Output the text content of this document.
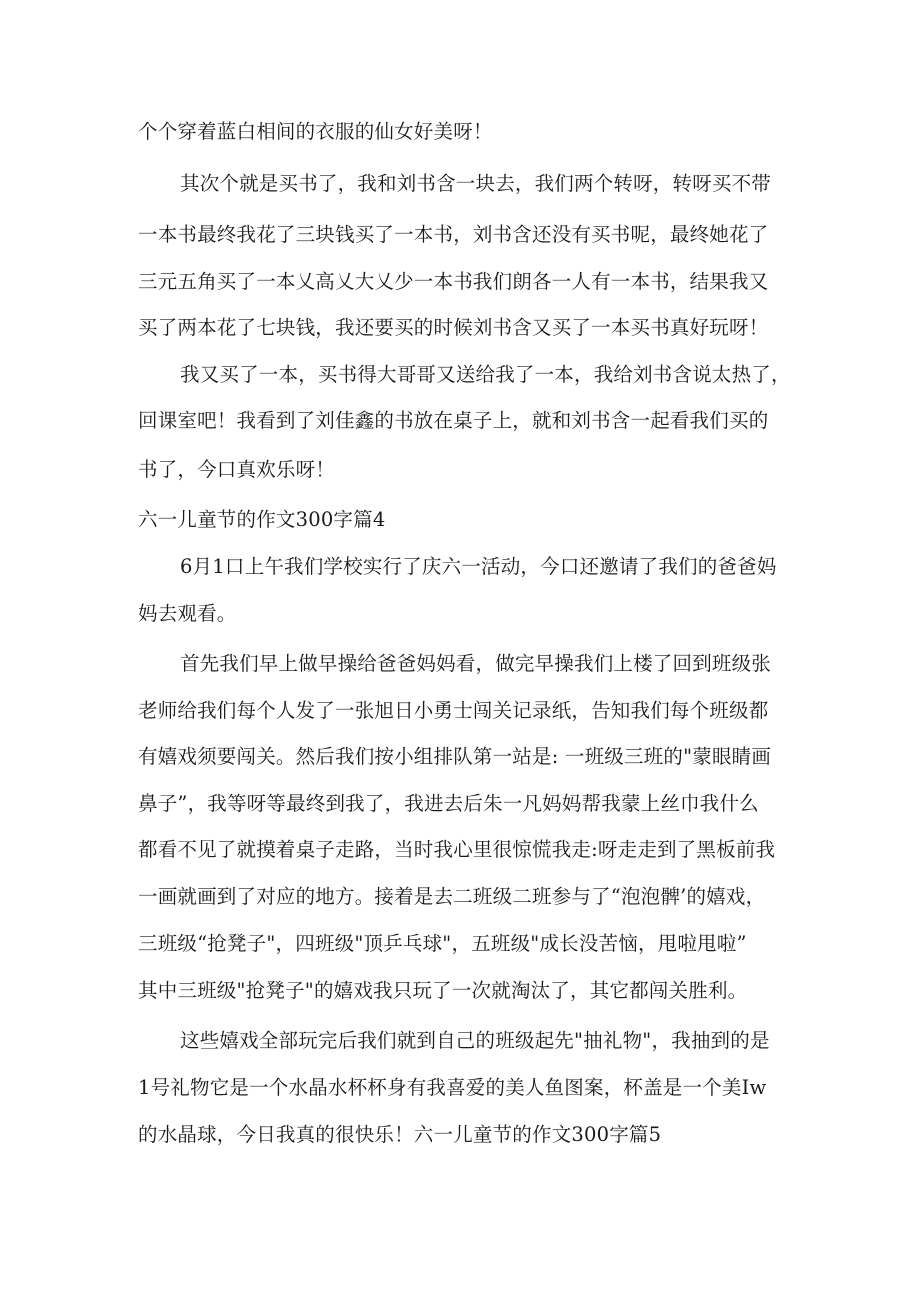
个个穿着蓝白相间的衣服的仙女好美呀！
其次个就是买书了，我和刘书含一块去，我们两个转呀，转呀买不带
一本书最终我花了三块钱买了一本书，刘书含还没有买书呢，最终她花了
三元五角买了一本乂高乂大乂少一本书我们朗各一人有一本书，结果我又
买了两本花了七块钱，我还要买的时候刘书含又买了一本买书真好玩呀！
我又买了一本，买书得大哥哥又送给我了一本，我给刘书含说太热了，
回课室吧！我看到了刘佳鑫的书放在桌子上，就和刘书含一起看我们买的
书了，今口真欢乐呀！
六一儿童节的作文300字篇4
6月1口上午我们学校实行了庆六一活动，今口还邀请了我们的爸爸妈
妈去观看。
首先我们早上做早操给爸爸妈妈看，做完早操我们上楼了回到班级张
老师给我们每个人发了一张旭日小勇士闯关记录纸，告知我们每个班级都
有嬉戏须要闯关。然后我们按小组排队第一站是: 一班级三班的"蒙眼睛画
鼻子”，我等呀等最终到我了，我进去后朱一凡妈妈帮我蒙上丝巾我什么
都看不见了就摸着桌子走路，当时我心里很惊慌我走:呀走走到了黑板前我
一画就画到了对应的地方。接着是去二班级二班参与了“泡泡髀’的嬉戏，
三班级“抢凳子"，四班级"顶乒乓球"，五班级"成长没苦恼，甩啦甩啦”
其中三班级"抢凳子"的嬉戏我只玩了一次就淘汰了，其它都闯关胜利。
这些嬉戏全部玩完后我们就到自己的班级起先"抽礼物"，我抽到的是
1号礼物它是一个水晶水杯杯身有我喜爱的美人鱼图案，杯盖是一个美Iw
的水晶球，今日我真的很快乐！六一儿童节的作文300字篇5
